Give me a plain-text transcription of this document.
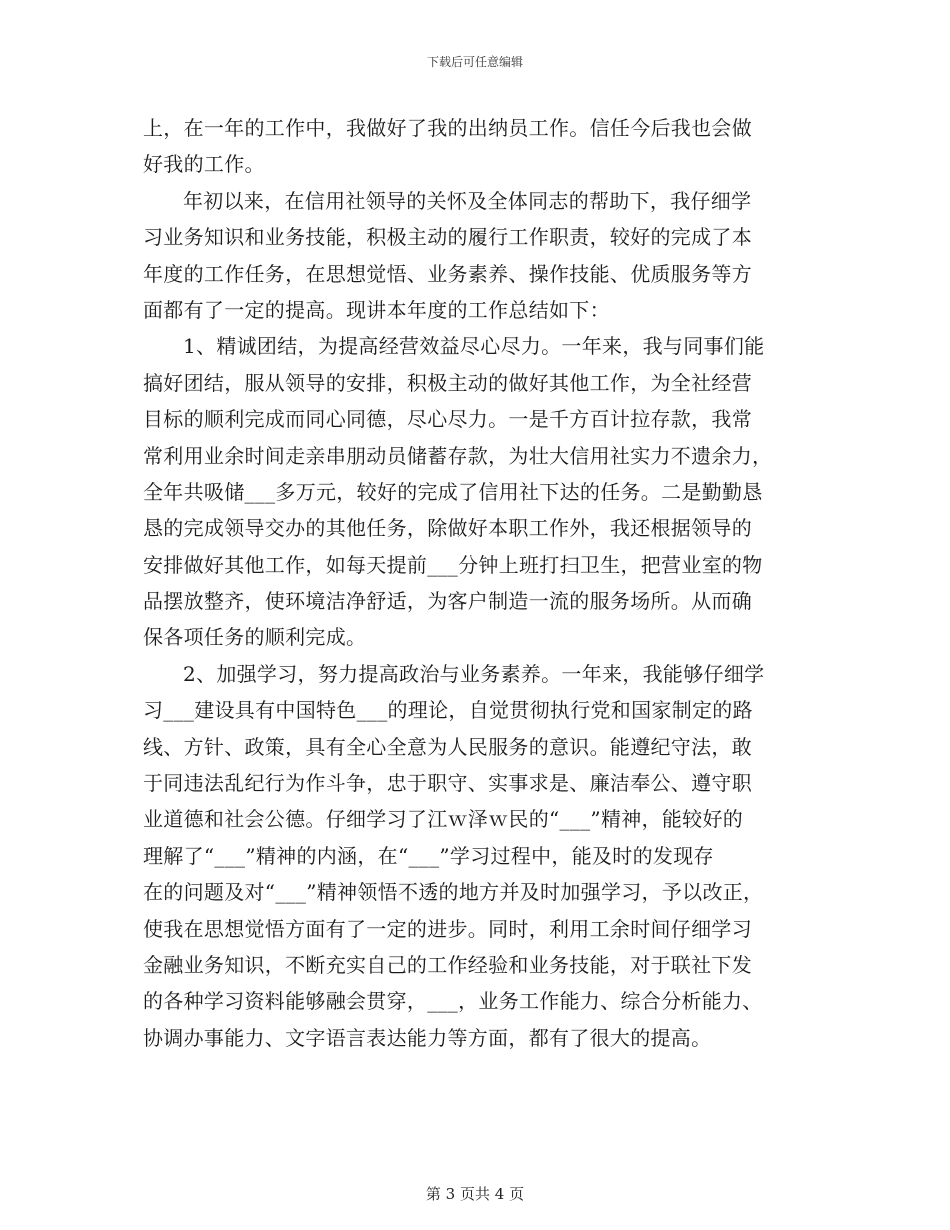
下载后可任意编辑
上，在一年的工作中，我做好了我的出纳员工作。信任今后我也会做
好我的工作。
年初以来，在信用社领导的关怀及全体同志的帮助下，我仔细学
习业务知识和业务技能，积极主动的履行工作职责，较好的完成了本
年度的工作任务，在思想觉悟、业务素养、操作技能、优质服务等方
面都有了一定的提高。现讲本年度的工作总结如下：
1、精诚团结，为提高经营效益尽心尽力。一年来，我与同事们能
搞好团结，服从领导的安排，积极主动的做好其他工作，为全社经营
目标的顺利完成而同心同德，尽心尽力。一是千方百计拉存款，我常
常利用业余时间走亲串朋动员储蓄存款，为壮大信用社实力不遗余力，
全年共吸储___多万元，较好的完成了信用社下达的任务。二是勤勤恳
恳的完成领导交办的其他任务，除做好本职工作外，我还根据领导的
安排做好其他工作，如每天提前___分钟上班打扫卫生，把营业室的物
品摆放整齐，使环境洁净舒适，为客户制造一流的服务场所。从而确
保各项任务的顺利完成。
2、加强学习，努力提高政治与业务素养。一年来，我能够仔细学
习___建设具有中国特色___的理论，自觉贯彻执行党和国家制定的路
线、方针、政策，具有全心全意为人民服务的意识。能遵纪守法，敢
于同违法乱纪行为作斗争，忠于职守、实事求是、廉洁奉公、遵守职
业道德和社会公德。仔细学习了江ｗ泽ｗ民的“___”精神，能较好的
理解了“___”精神的内涵，在“___”学习过程中，能及时的发现存
在的问题及对“___”精神领悟不透的地方并及时加强学习，予以改正，
使我在思想觉悟方面有了一定的进步。同时，利用工余时间仔细学习
金融业务知识，不断充实自己的工作经验和业务技能，对于联社下发
的各种学习资料能够融会贯穿，___，业务工作能力、综合分析能力、
协调办事能力、文字语言表达能力等方面，都有了很大的提高。
第 3 页共 4 页
